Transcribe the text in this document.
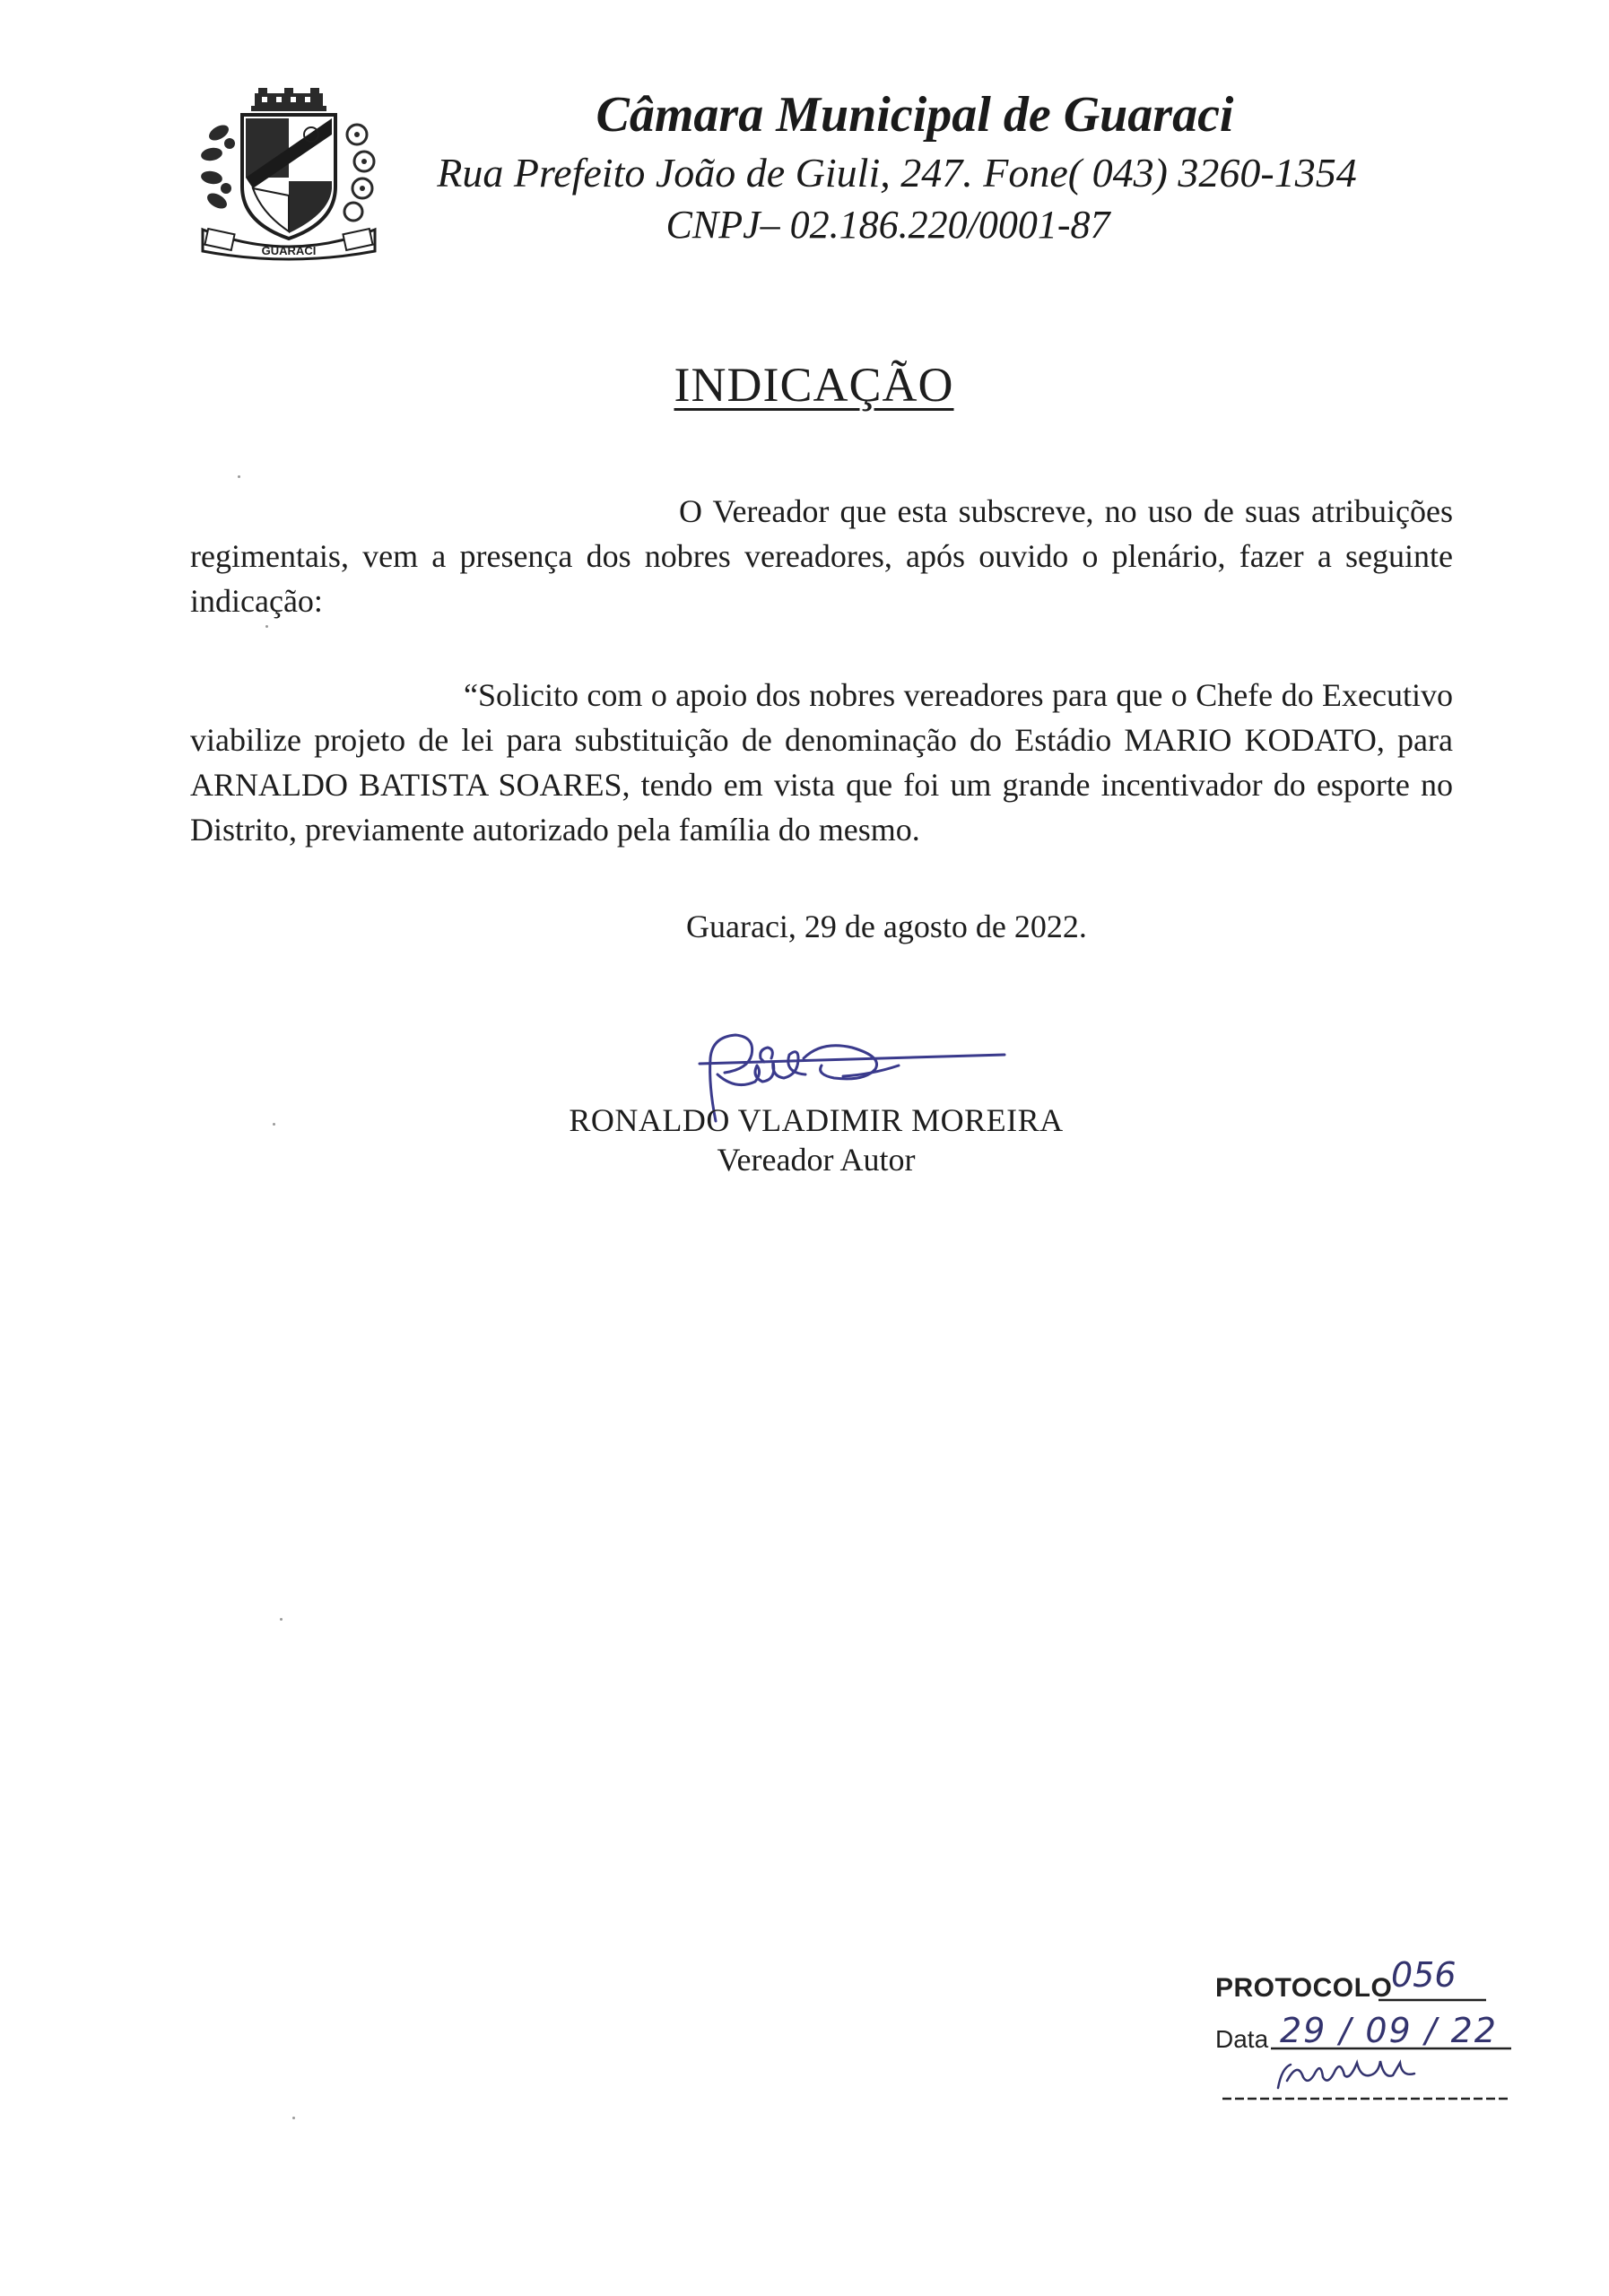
GUARACI
Câmara Municipal de Guaraci
Rua Prefeito João de Giuli, 247. Fone( 043) 3260-1354
CNPJ– 02.186.220/0001-87
INDICAÇÃO
O Vereador que esta subscreve, no uso de suas atribuições regimentais, vem a presença dos nobres vereadores, após ouvido o plenário, fazer a seguinte indicação:
“Solicito com o apoio dos nobres vereadores para que o Chefe do Executivo viabilize projeto de lei para substituição de denominação do Estádio MARIO KODATO, para ARNALDO BATISTA SOARES, tendo em vista que foi um grande incentivador do esporte no Distrito, previamente autorizado pela família do mesmo.
Guaraci, 29 de agosto de 2022.
RONALDO VLADIMIR MOREIRA
Vereador Autor
PROTOCOLO
056
Data 29 / 09 / 22
